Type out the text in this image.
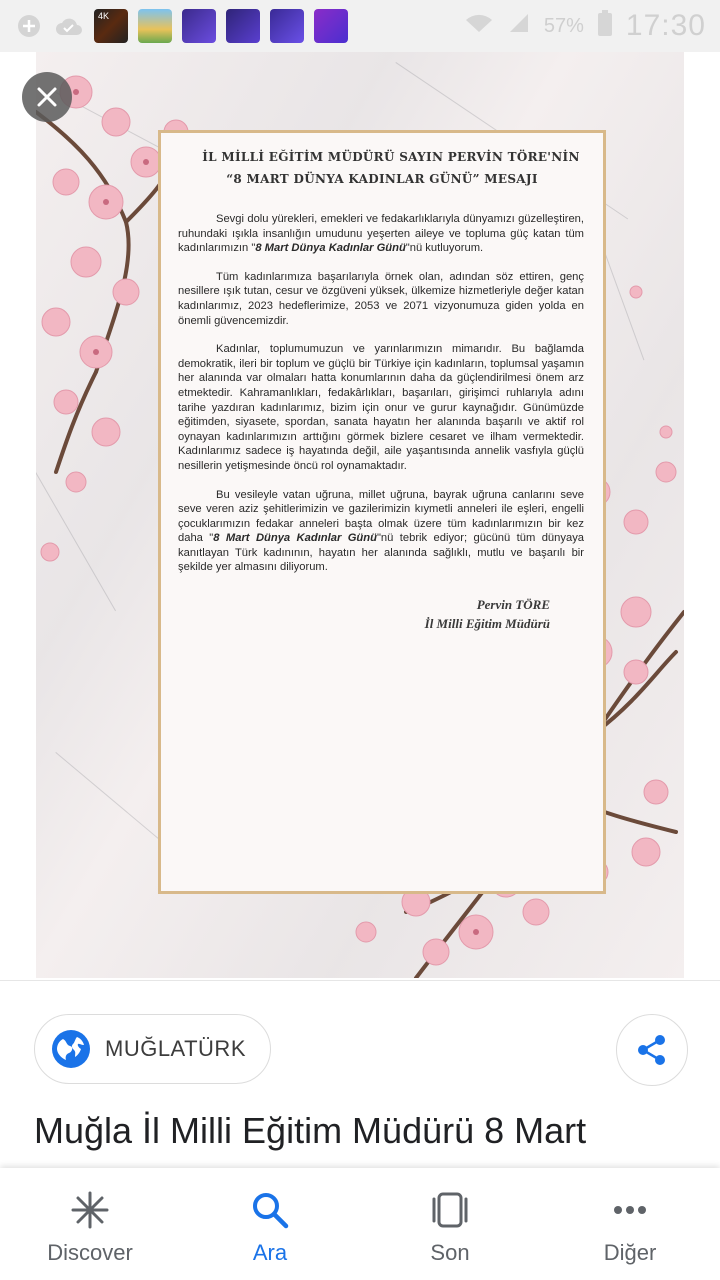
4K	57% 17:30
İL MİLLİ EĞİTİM MÜDÜRÜ SAYIN PERVİN TÖRE'NİN
“8 MART DÜNYA KADINLAR GÜNÜ” MESAJI

Sevgi dolu yürekleri, emekleri ve fedakarlıklarıyla dünyamızı güzelleştiren, ruhundaki ışıkla insanlığın umudunu yeşerten aileye ve topluma güç katan tüm kadınlarımızın "8 Mart Dünya Kadınlar Günü"nü kutluyorum.

Tüm kadınlarımıza başarılarıyla örnek olan, adından söz ettiren, genç nesillere ışık tutan, cesur ve özgüveni yüksek, ülkemize hizmetleriyle değer katan kadınlarımız, 2023 hedeflerimize, 2053 ve 2071 vizyonumuza giden yolda en önemli güvencemizdir.

Kadınlar, toplumumuzun ve yarınlarımızın mimarıdır. Bu bağlamda demokratik, ileri bir toplum ve güçlü bir Türkiye için kadınların, toplumsal yaşamın her alanında var olmaları hatta konumlarının daha da güçlendirilmesi önem arz etmektedir. Kahramanlıkları, fedakârlıkları, başarıları, girişimci ruhlarıyla adını tarihe yazdıran kadınlarımız, bizim için onur ve gurur kaynağıdır. Günümüzde eğitimden, siyasete, spordan, sanata hayatın her alanında başarılı ve aktif rol oynayan kadınlarımızın arttığını görmek bizlere cesaret ve ilham vermektedir. Kadınlarımız sadece iş hayatında değil, aile yaşantısında annelik vasfıyla güçlü nesillerin yetişmesinde öncü rol oynamaktadır.

Bu vesileyle vatan uğruna, millet uğruna, bayrak uğruna canlarını seve seve veren aziz şehitlerimizin ve gazilerimizin kıymetli anneleri ile eşleri, engelli çocuklarımızın fedakar anneleri başta olmak üzere tüm kadınlarımızın bir kez daha "8 Mart Dünya Kadınlar Günü"nü tebrik ediyor; gücünü tüm dünyaya kanıtlayan Türk kadınının, hayatın her alanında sağlıklı, mutlu ve başarılı bir şekilde yer almasını diliyorum.

Pervin TÖRE
İl Milli Eğitim Müdürü
MUĞLATÜRK
Muğla İl Milli Eğitim Müdürü 8 Mart
Discover	Ara	Son	Diğer
